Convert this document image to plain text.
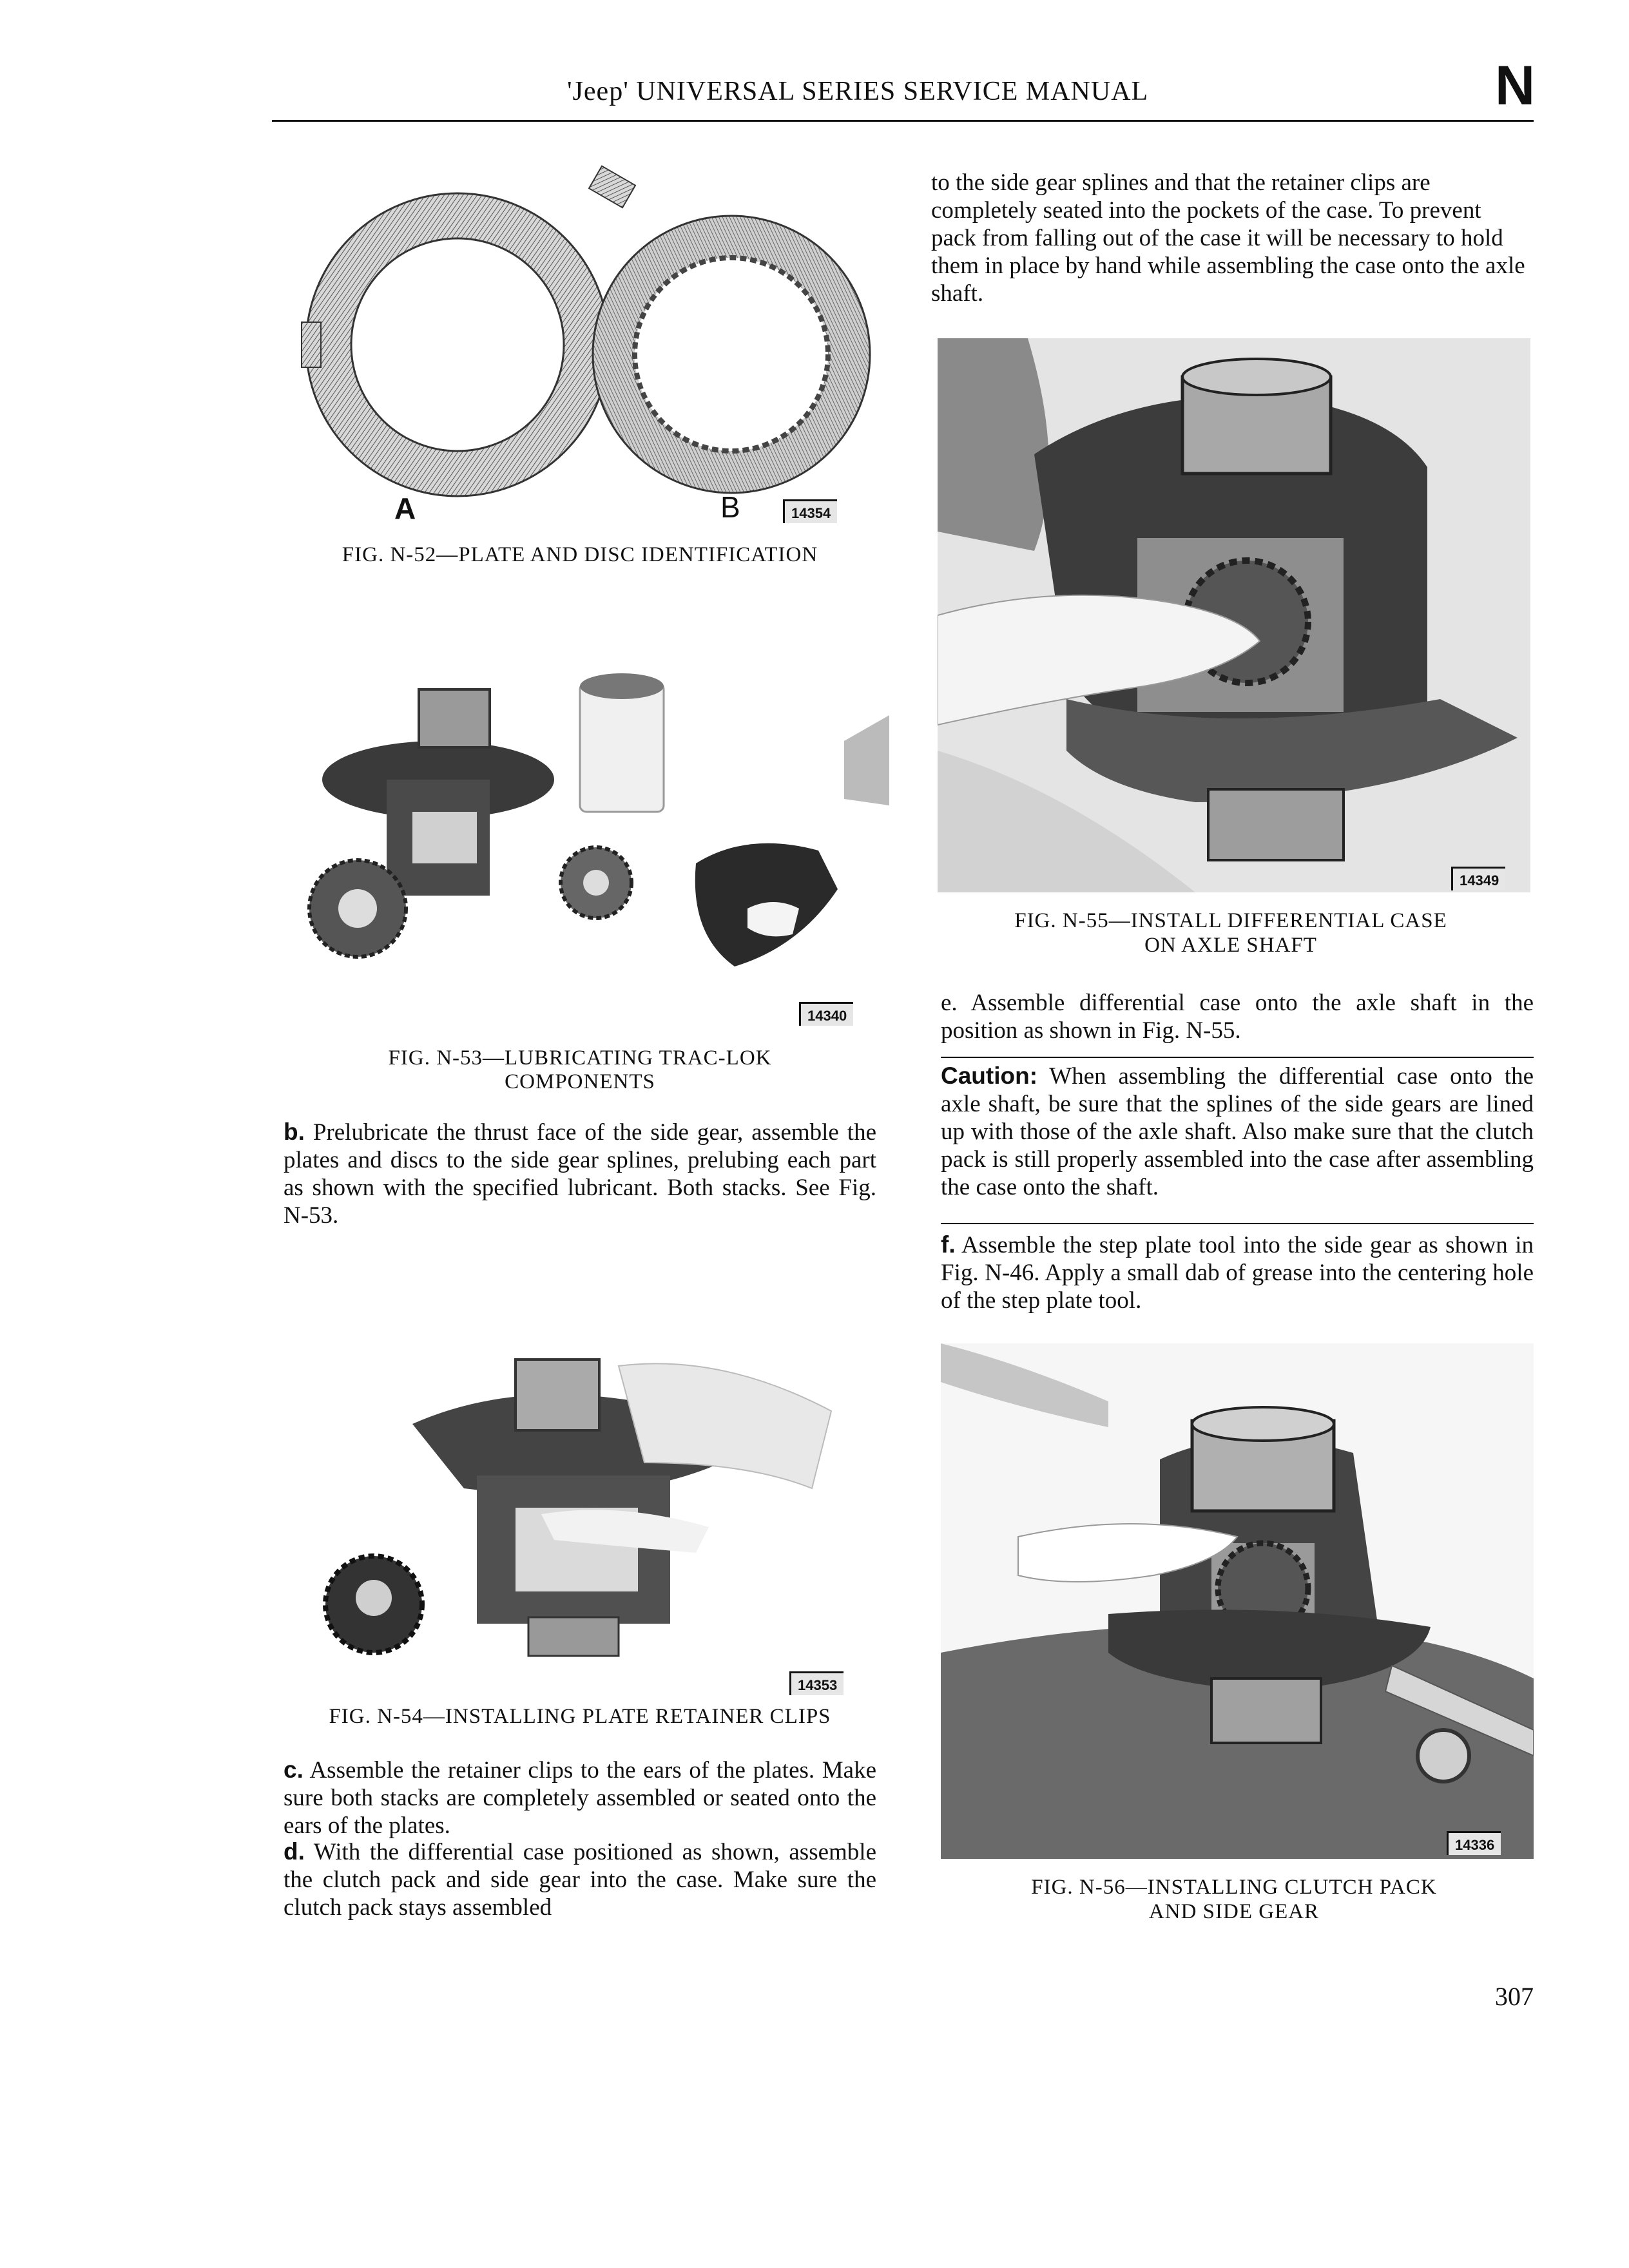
'Jeep' UNIVERSAL SERIES SERVICE MANUAL	N
A	B	14354
FIG. N-52—PLATE AND DISC IDENTIFICATION
14340
FIG. N-53—LUBRICATING TRAC-LOK
COMPONENTS
b. Prelubricate the thrust face of the side gear, assemble the plates and discs to the side gear splines, prelubing each part as shown with the specified lubricant. Both stacks. See Fig. N-53.
14353
FIG. N-54—INSTALLING PLATE RETAINER CLIPS
c. Assemble the retainer clips to the ears of the plates. Make sure both stacks are completely assembled or seated onto the ears of the plates.
d. With the differential case positioned as shown, assemble the clutch pack and side gear into the case. Make sure the clutch pack stays assembled
to the side gear splines and that the retainer clips are completely seated into the pockets of the case. To prevent pack from falling out of the case it will be necessary to hold them in place by hand while assembling the case onto the axle shaft.
14349
FIG. N-55—INSTALL DIFFERENTIAL CASE
ON AXLE SHAFT
e. Assemble differential case onto the axle shaft in the position as shown in Fig. N-55.
Caution: When assembling the differential case onto the axle shaft, be sure that the splines of the side gears are lined up with those of the axle shaft. Also make sure that the clutch pack is still properly assembled into the case after assembling the case onto the shaft.
f. Assemble the step plate tool into the side gear as shown in Fig. N-46. Apply a small dab of grease into the centering hole of the step plate tool.
14336
FIG. N-56—INSTALLING CLUTCH PACK
AND SIDE GEAR
307
